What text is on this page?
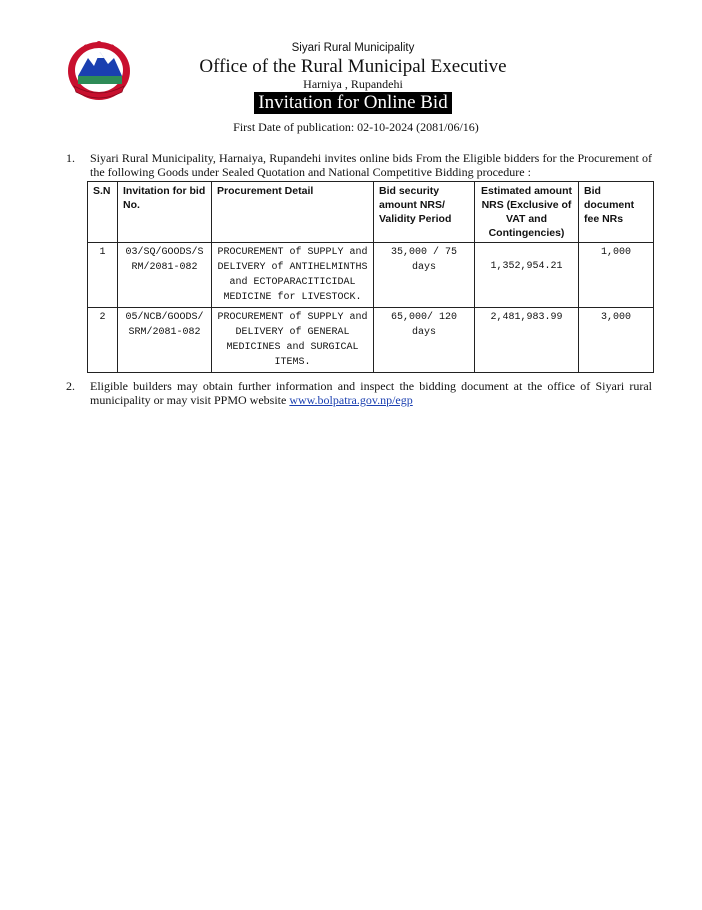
Siyari Rural Municipality
Office of the Rural Municipal Executive
Harniya , Rupandehi
Invitation for Online Bid
First Date of publication: 02-10-2024 (2081/06/16)
1. Siyari Rural Municipality, Harnaiya, Rupandehi invites online bids From the Eligible bidders for the Procurement of the following Goods under Sealed Quotation and National Competitive Bidding procedure :
S.N	Invitation for bid No.	Procurement Detail	Bid security amount NRS/ Validity Period	Estimated amount NRS (Exclusive of VAT and Contingencies)	Bid document fee NRs
1	03/SQ/GOODS/SRM/2081-082	PROCUREMENT of SUPPLY and DELIVERY of ANTIHELMINTHS and ECTOPARACITICIDAL MEDICINE for LIVESTOCK.	35,000 / 75 days	1,352,954.21	1,000
2	05/NCB/GOODS/SRM/2081-082	PROCUREMENT of SUPPLY and DELIVERY of GENERAL MEDICINES and SURGICAL ITEMS.	65,000/ 120 days	2,481,983.99	3,000
2. Eligible builders may obtain further information and inspect the bidding document at the office of Siyari rural municipality or may visit PPMO website www.bolpatra.gov.np/egp
